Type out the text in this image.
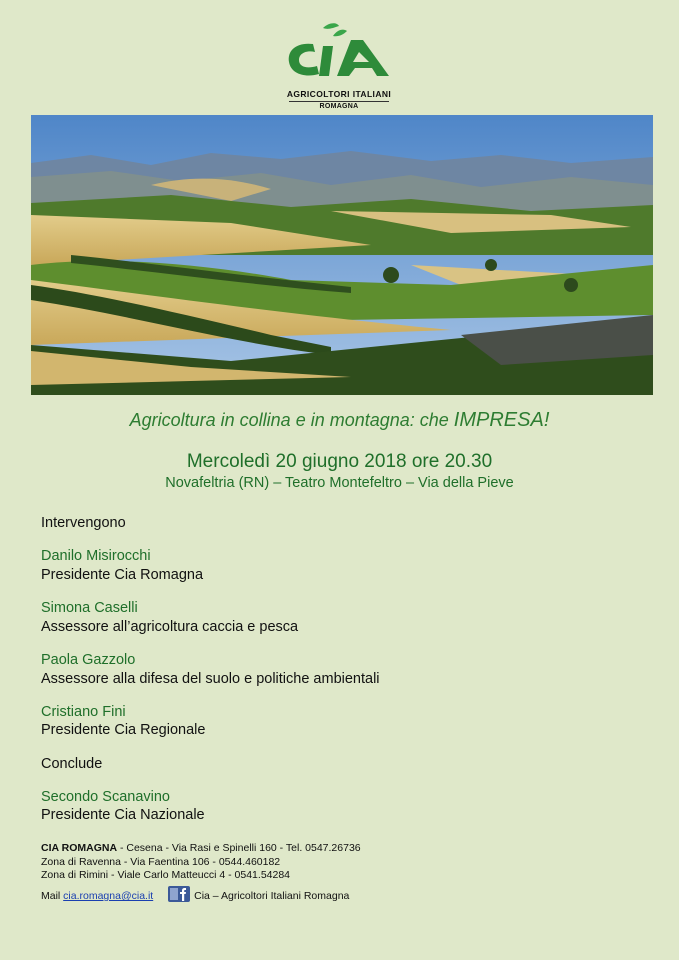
AGRICOLTORI ITALIANI
ROMAGNA
Agricoltura in collina e in montagna: che IMPRESA!
Mercoledì 20 giugno 2018 ore 20.30
Novafeltria (RN) – Teatro Montefeltro – Via della Pieve
Intervengono
Danilo Misirocchi
Presidente Cia Romagna
Simona Caselli
Assessore all’agricoltura caccia e pesca
Paola Gazzolo
Assessore alla difesa del suolo e politiche ambientali
Cristiano Fini
Presidente Cia Regionale
Conclude
Secondo Scanavino
Presidente Cia Nazionale
CIA ROMAGNA - Cesena - Via Rasi e Spinelli 160 - Tel. 0547.26736
Zona di Ravenna - Via Faentina 106 - 0544.460182
Zona di Rimini - Viale Carlo Matteucci 4 - 0541.54284
Mail cia.romagna@cia.it	Cia – Agricoltori Italiani Romagna
